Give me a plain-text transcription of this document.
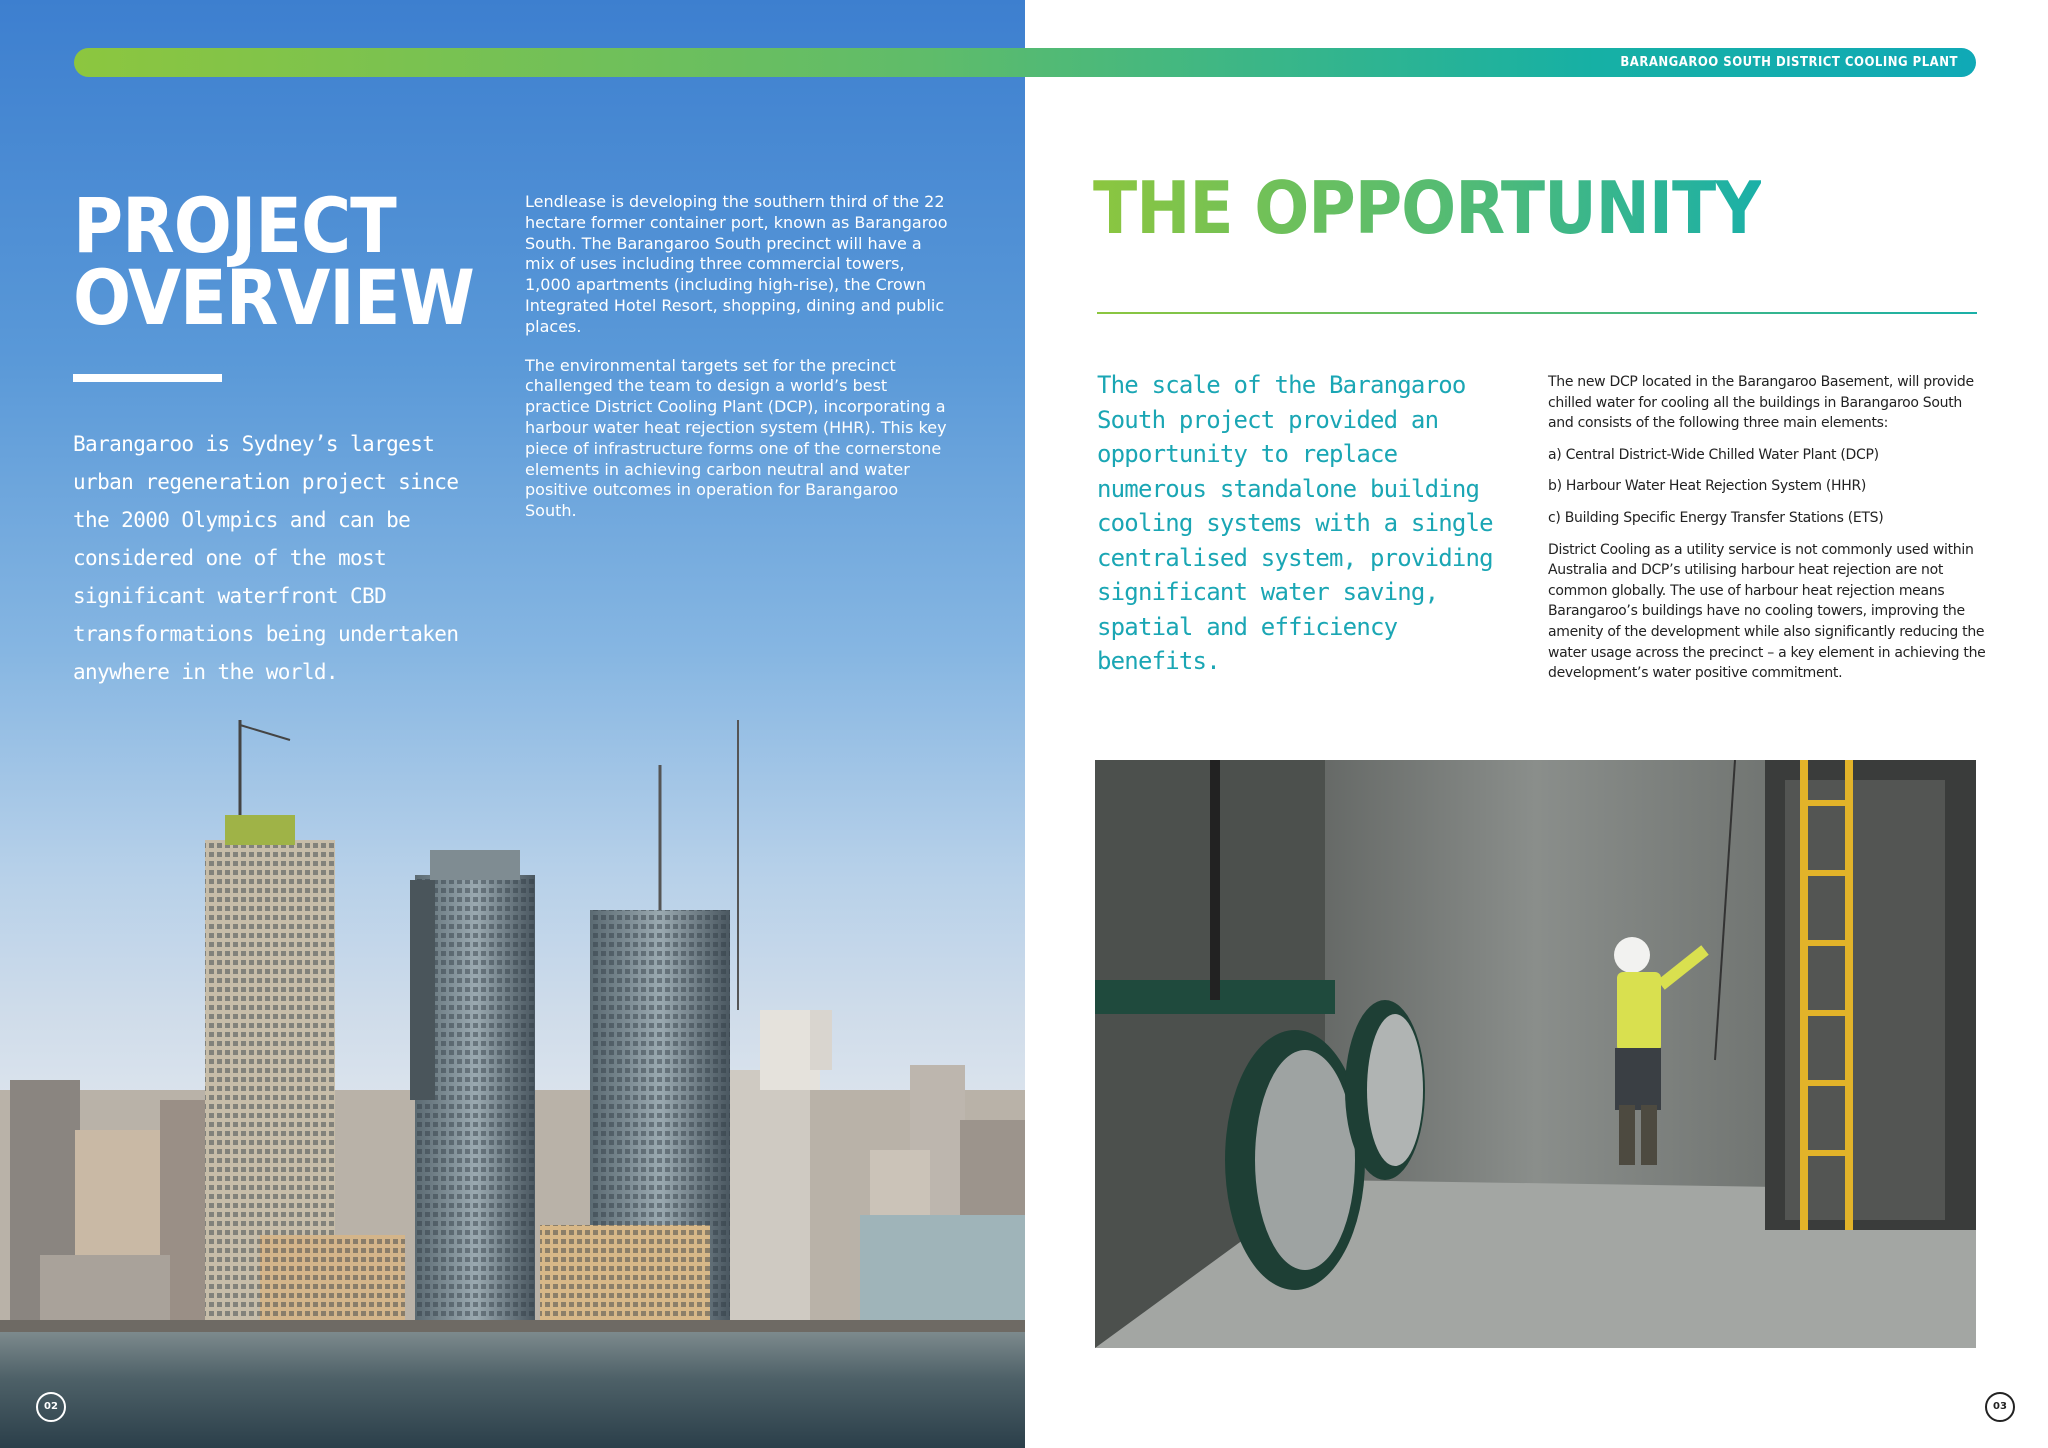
PROJECT
OVERVIEW
Barangaroo is Sydney’s largest urban regeneration project since the 2000 Olympics and can be considered one of the most significant waterfront CBD transformations being undertaken anywhere in the world.

Lendlease is developing the southern third of the 22 hectare former container port, known as Barangaroo South. The Barangaroo South precinct will have a mix of uses including three commercial towers, 1,000 apartments (including high-rise), the Crown Integrated Hotel Resort, shopping, dining and public places.

The environmental targets set for the precinct challenged the team to design a world’s best practice District Cooling Plant (DCP), incorporating a harbour water heat rejection system (HHR). This key piece of infrastructure forms one of the cornerstone elements in achieving carbon neutral and water positive outcomes in operation for Barangaroo South.

02
THE OPPORTUNITY
The scale of the Barangaroo South project provided an opportunity to replace numerous standalone building cooling systems with a single centralised system, providing significant water saving, spatial and efficiency benefits.

The new DCP located in the Barangaroo Basement, will provide chilled water for cooling all the buildings in Barangaroo South and consists of the following three main elements:

a) Central District-Wide Chilled Water Plant (DCP)

b) Harbour Water Heat Rejection System (HHR)

c) Building Specific Energy Transfer Stations (ETS)

District Cooling as a utility service is not commonly used within Australia and DCP’s utilising harbour heat rejection are not common globally. The use of harbour heat rejection means Barangaroo’s buildings have no cooling towers, improving the amenity of the development while also significantly reducing the water usage across the precinct – a key element in achieving the development’s water positive commitment.

03
BARANGAROO SOUTH DISTRICT COOLING PLANT
